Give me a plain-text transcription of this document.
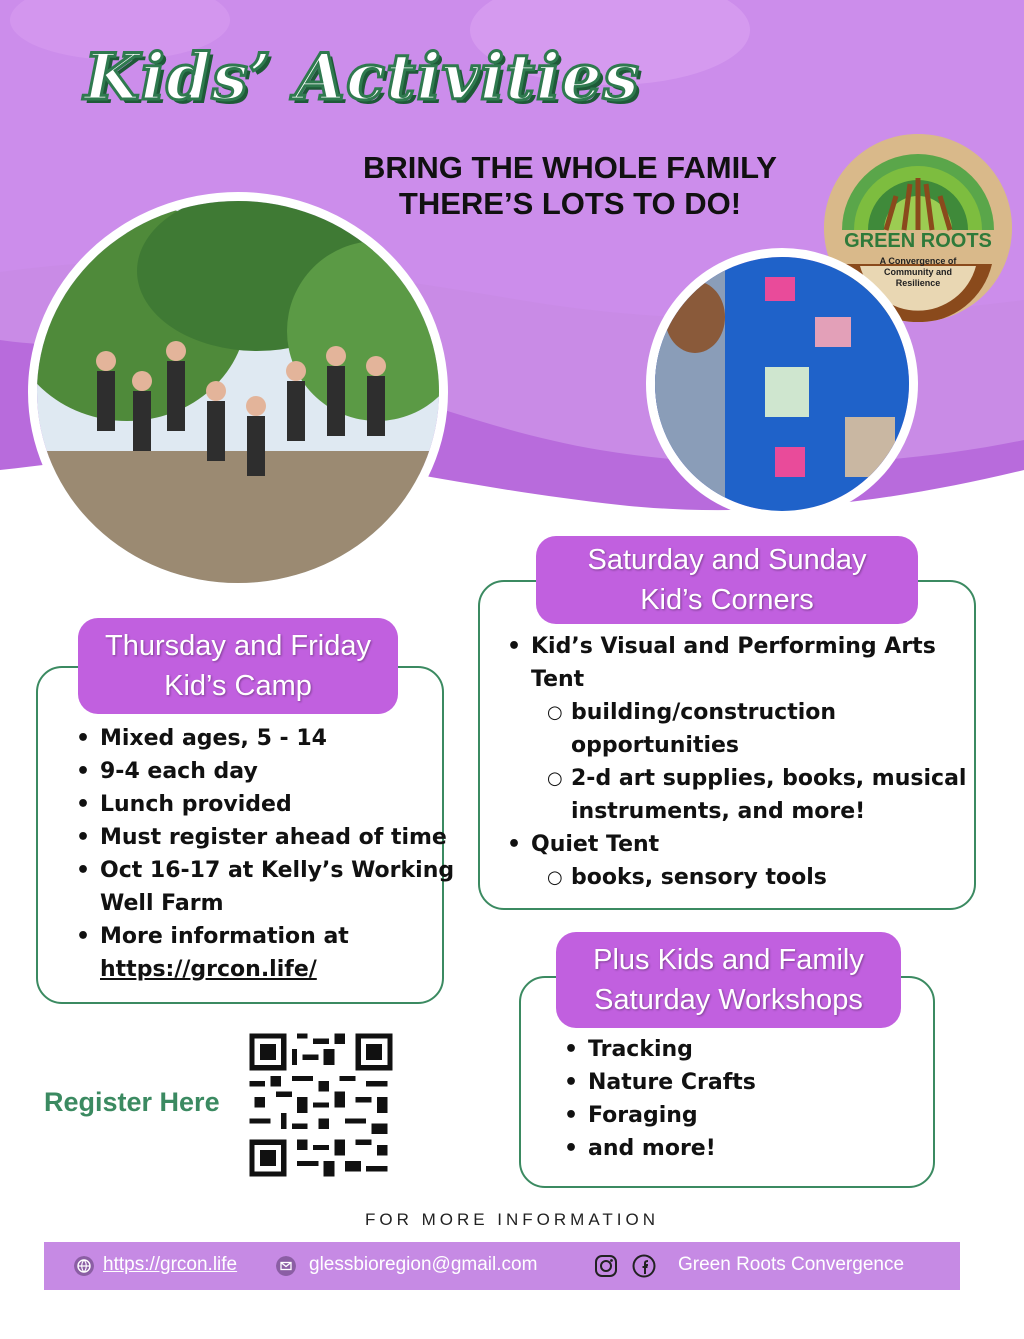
Kids’ Activities
BRING THE WHOLE FAMILY
THERE’S LOTS TO DO!
GREEN ROOTS
A Convergence of
Community and
Resilience
Thursday and Friday
Kid’s Camp
• Mixed ages, 5 - 14
• 9-4 each day
• Lunch provided
• Must register ahead of time
• Oct 16-17 at Kelly’s Working
Well Farm
• More information at
https://grcon.life/
Saturday and Sunday
Kid’s Corners
• Kid’s Visual and Performing Arts
Tent
○ building/construction
opportunities
○ 2-d art supplies, books, musical
instruments, and more!
• Quiet Tent
○ books, sensory tools
Plus Kids and Family
Saturday Workshops
• Tracking
• Nature Crafts
• Foraging
• and more!
Register Here
FOR MORE INFORMATION
https://grcon.life	glessbioregion@gmail.com	Green Roots Convergence
